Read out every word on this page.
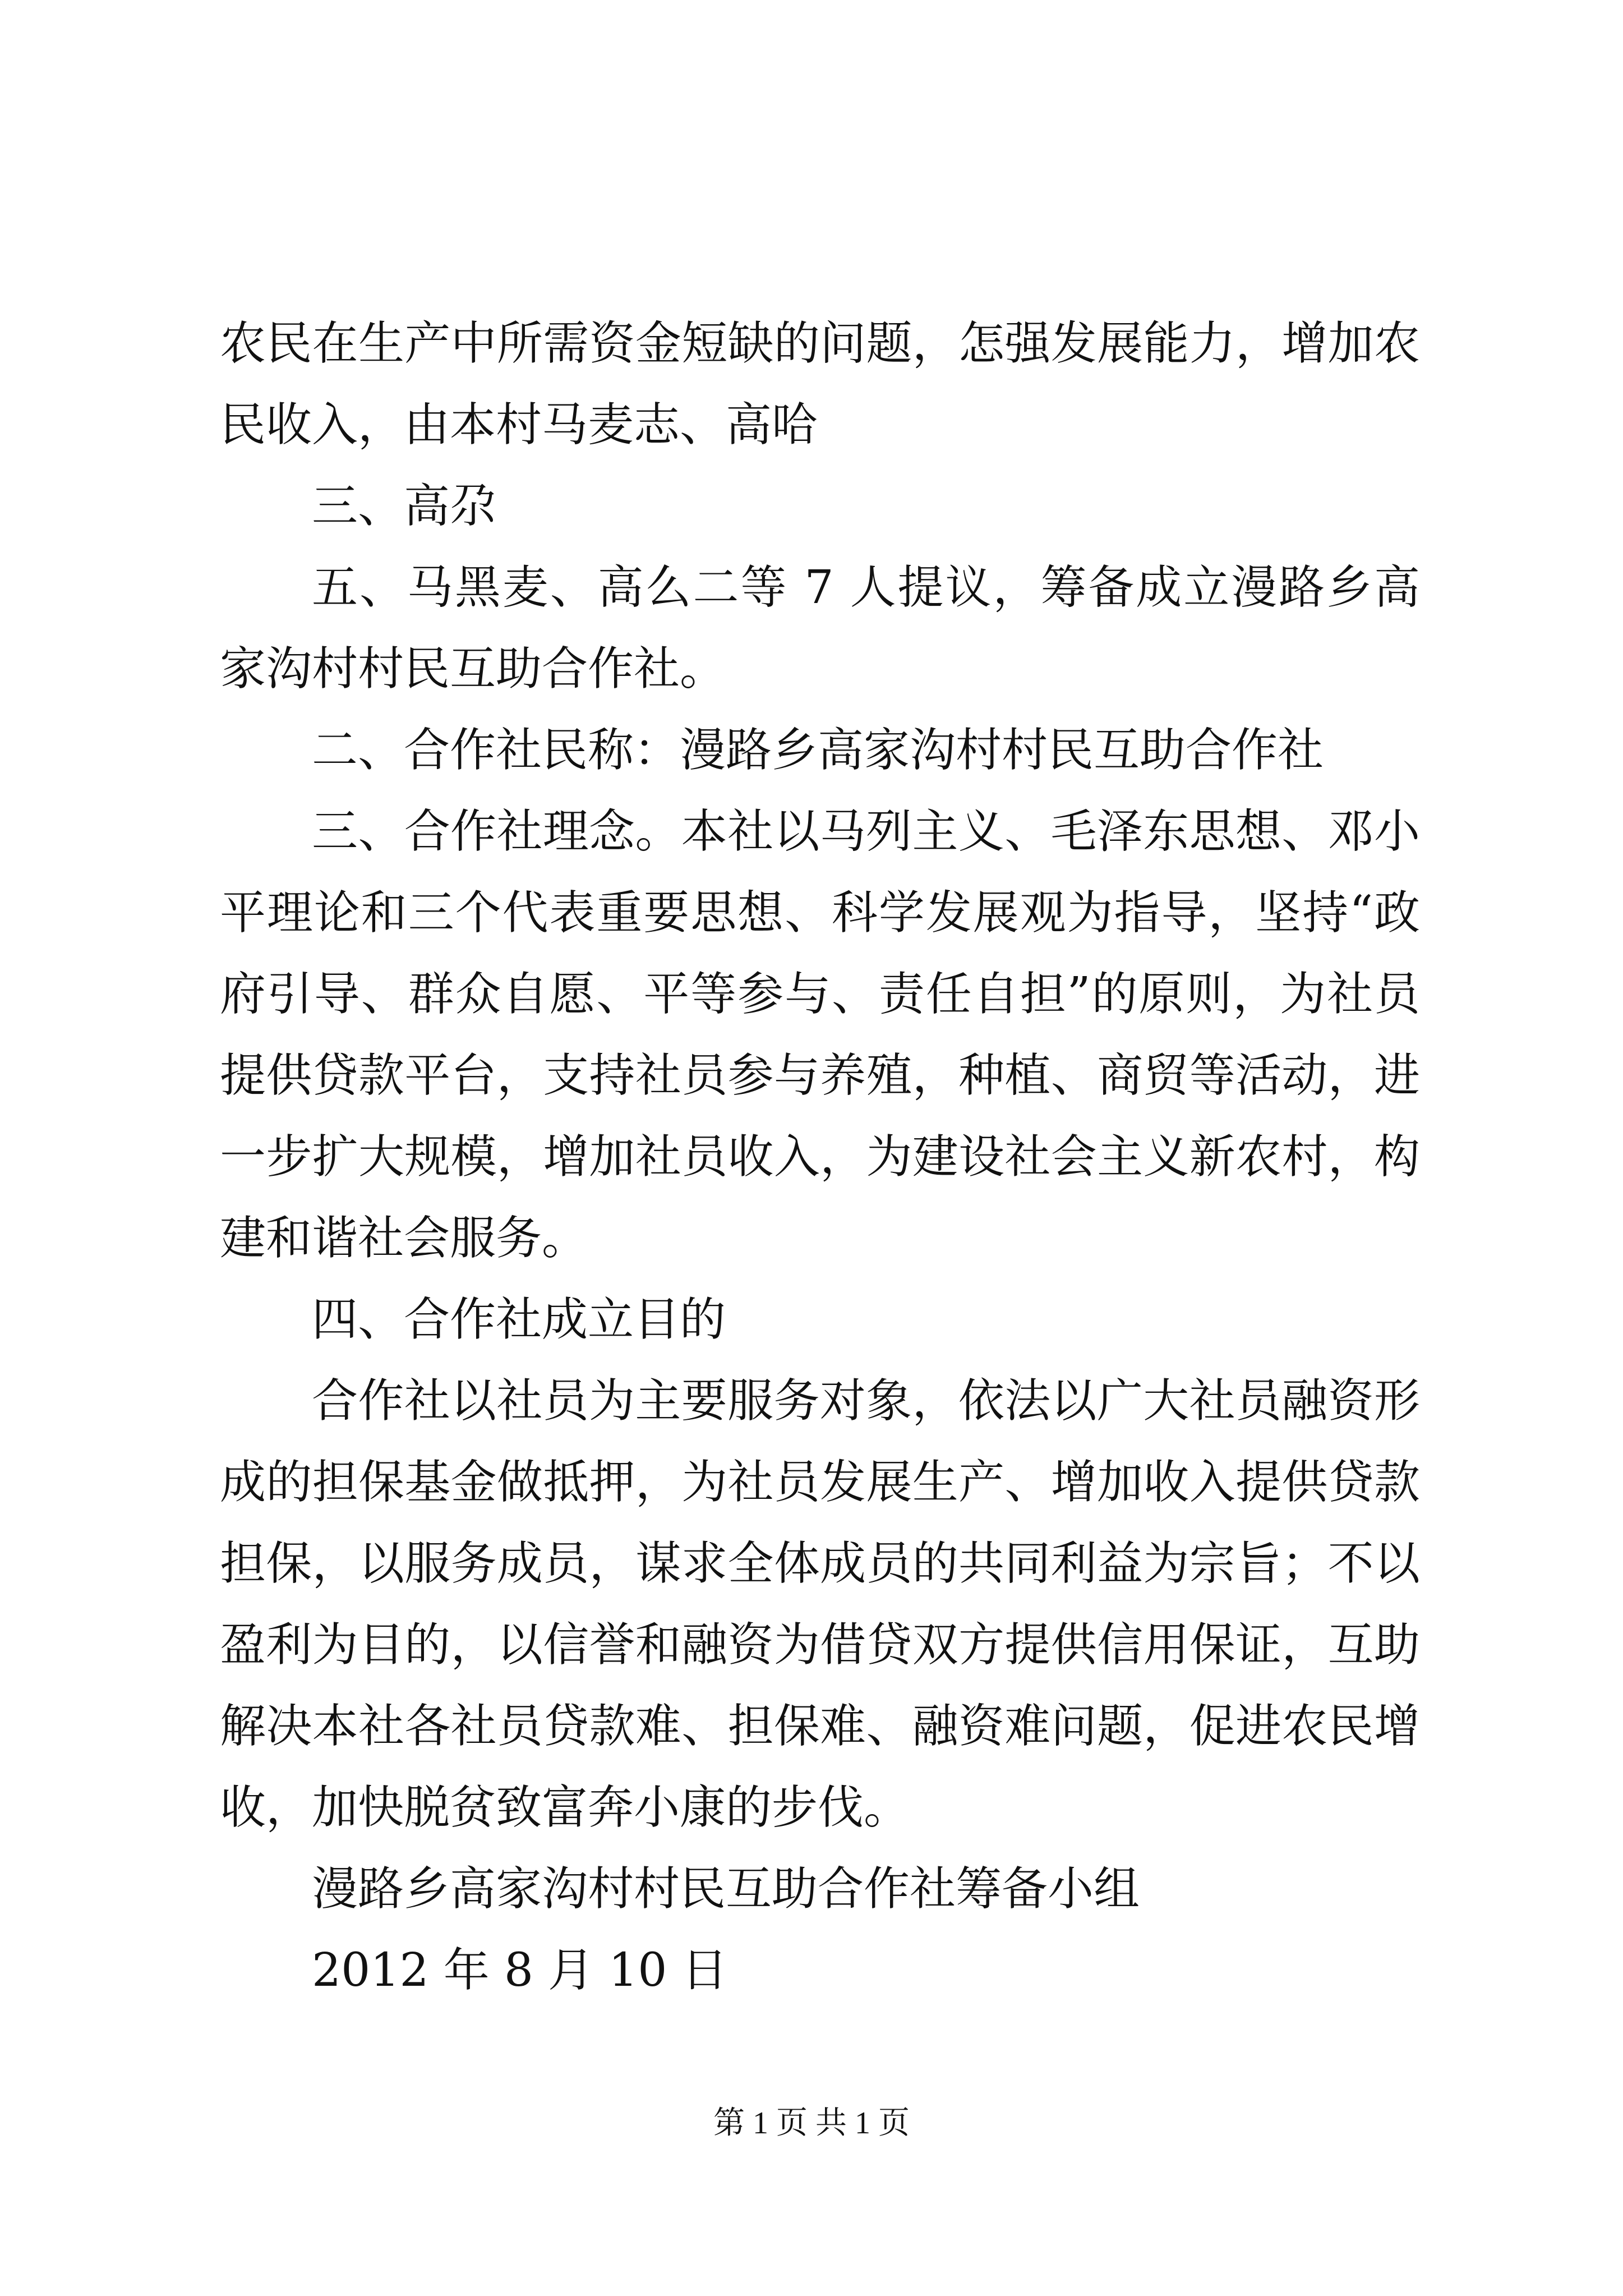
农民在生产中所需资金短缺的问题，怎强发展能力，增加农民收入，由本村马麦志、高哈

三、高尕

五、马黑麦、高么二等 7 人提议，筹备成立漫路乡高家沟村村民互助合作社。

二、合作社民称：漫路乡高家沟村村民互助合作社

三、合作社理念。本社以马列主义、毛泽东思想、邓小平理论和三个代表重要思想、科学发展观为指导，坚持“政府引导、群众自愿、平等参与、责任自担”的原则，为社员提供贷款平台，支持社员参与养殖，种植、商贸等活动，进一步扩大规模，增加社员收入，为建设社会主义新农村，构建和谐社会服务。

四、合作社成立目的

合作社以社员为主要服务对象，依法以广大社员融资形成的担保基金做抵押，为社员发展生产、增加收入提供贷款担保，以服务成员，谋求全体成员的共同利益为宗旨；不以盈利为目的，以信誉和融资为借贷双方提供信用保证，互助解决本社各社员贷款难、担保难、融资难问题，促进农民增收，加快脱贫致富奔小康的步伐。

漫路乡高家沟村村民互助合作社筹备小组

2012 年 8 月 10 日

第 1 页 共 1 页
